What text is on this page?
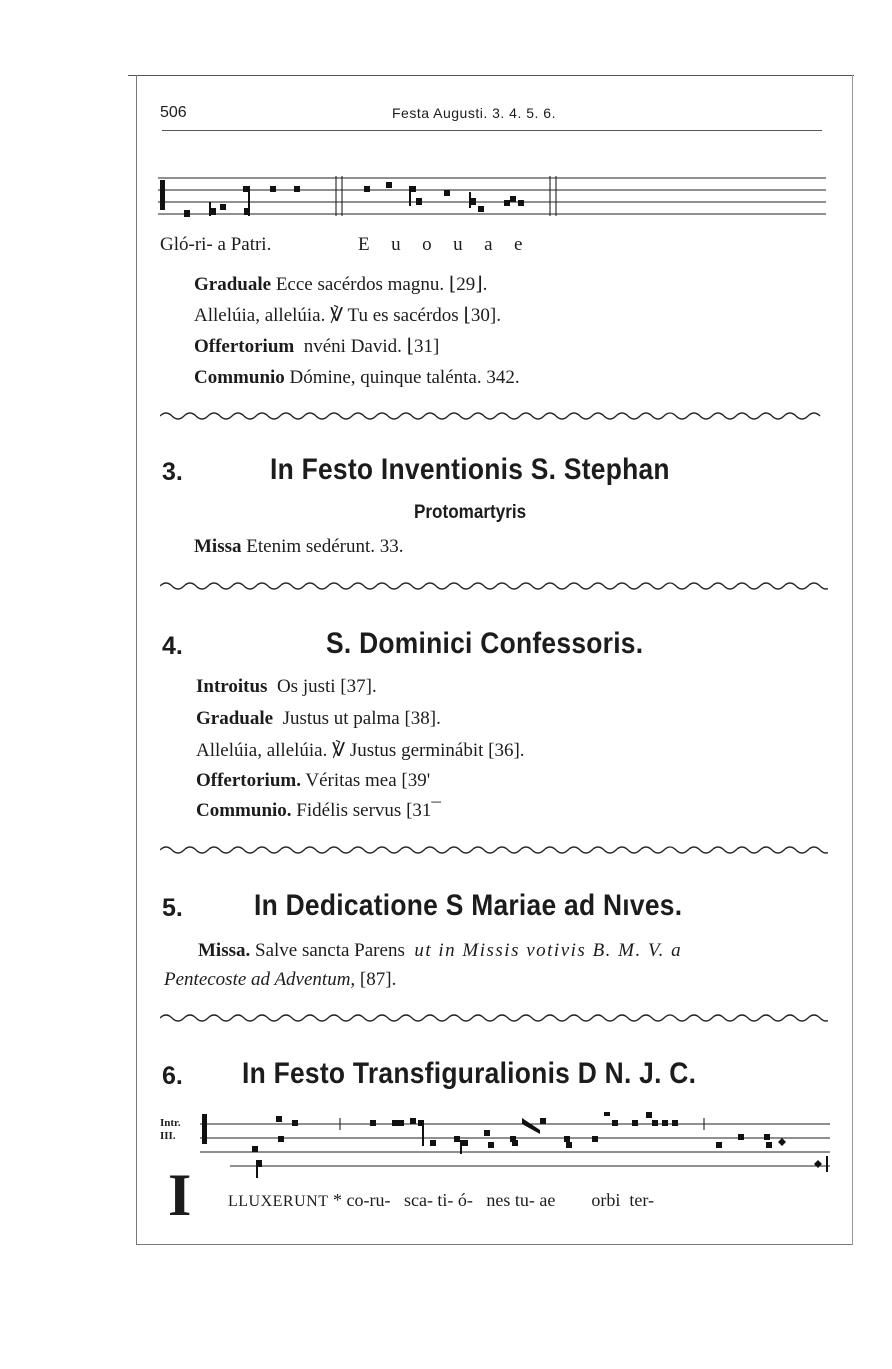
506	Festa Augusti. 3. 4. 5. 6.
Gló-ri- a Patri.	E  u  o  u  a  e
Graduale Ecce sacérdos magnu. ⌊29⌋.
Allelúia, allelúia. ℣ Tu es sacérdos ⌊30].
Offertorium nvéni David. ⌊31]
Communio Dómine, quinque talénta. 342.
3.	In Festo Inventionis S. Stephan
Protomartyris
Missa Etenim sedérunt. 33.
4.	S. Dominici Confessoris.
Introitus Os justi [37].
Graduale Justus ut palma [38].
Allelúia, allelúia. ℣ Justus germinábit [36].
Offertorium. Véritas mea [39'
Communio. Fidélis servus [31¯
5. In Dedicatione S Mariae ad Nıves.
Missa. Salve sancta Parens ut in Missis votivis B. M. V. a
Pentecoste ad Adventum, [87].
6. In Festo Transfiguralionis D N. J. C.
Intr.
III.
I LLUXERUNT * co-ru-   sca- ti- ó-   nes tu- ae        orbi  ter-
